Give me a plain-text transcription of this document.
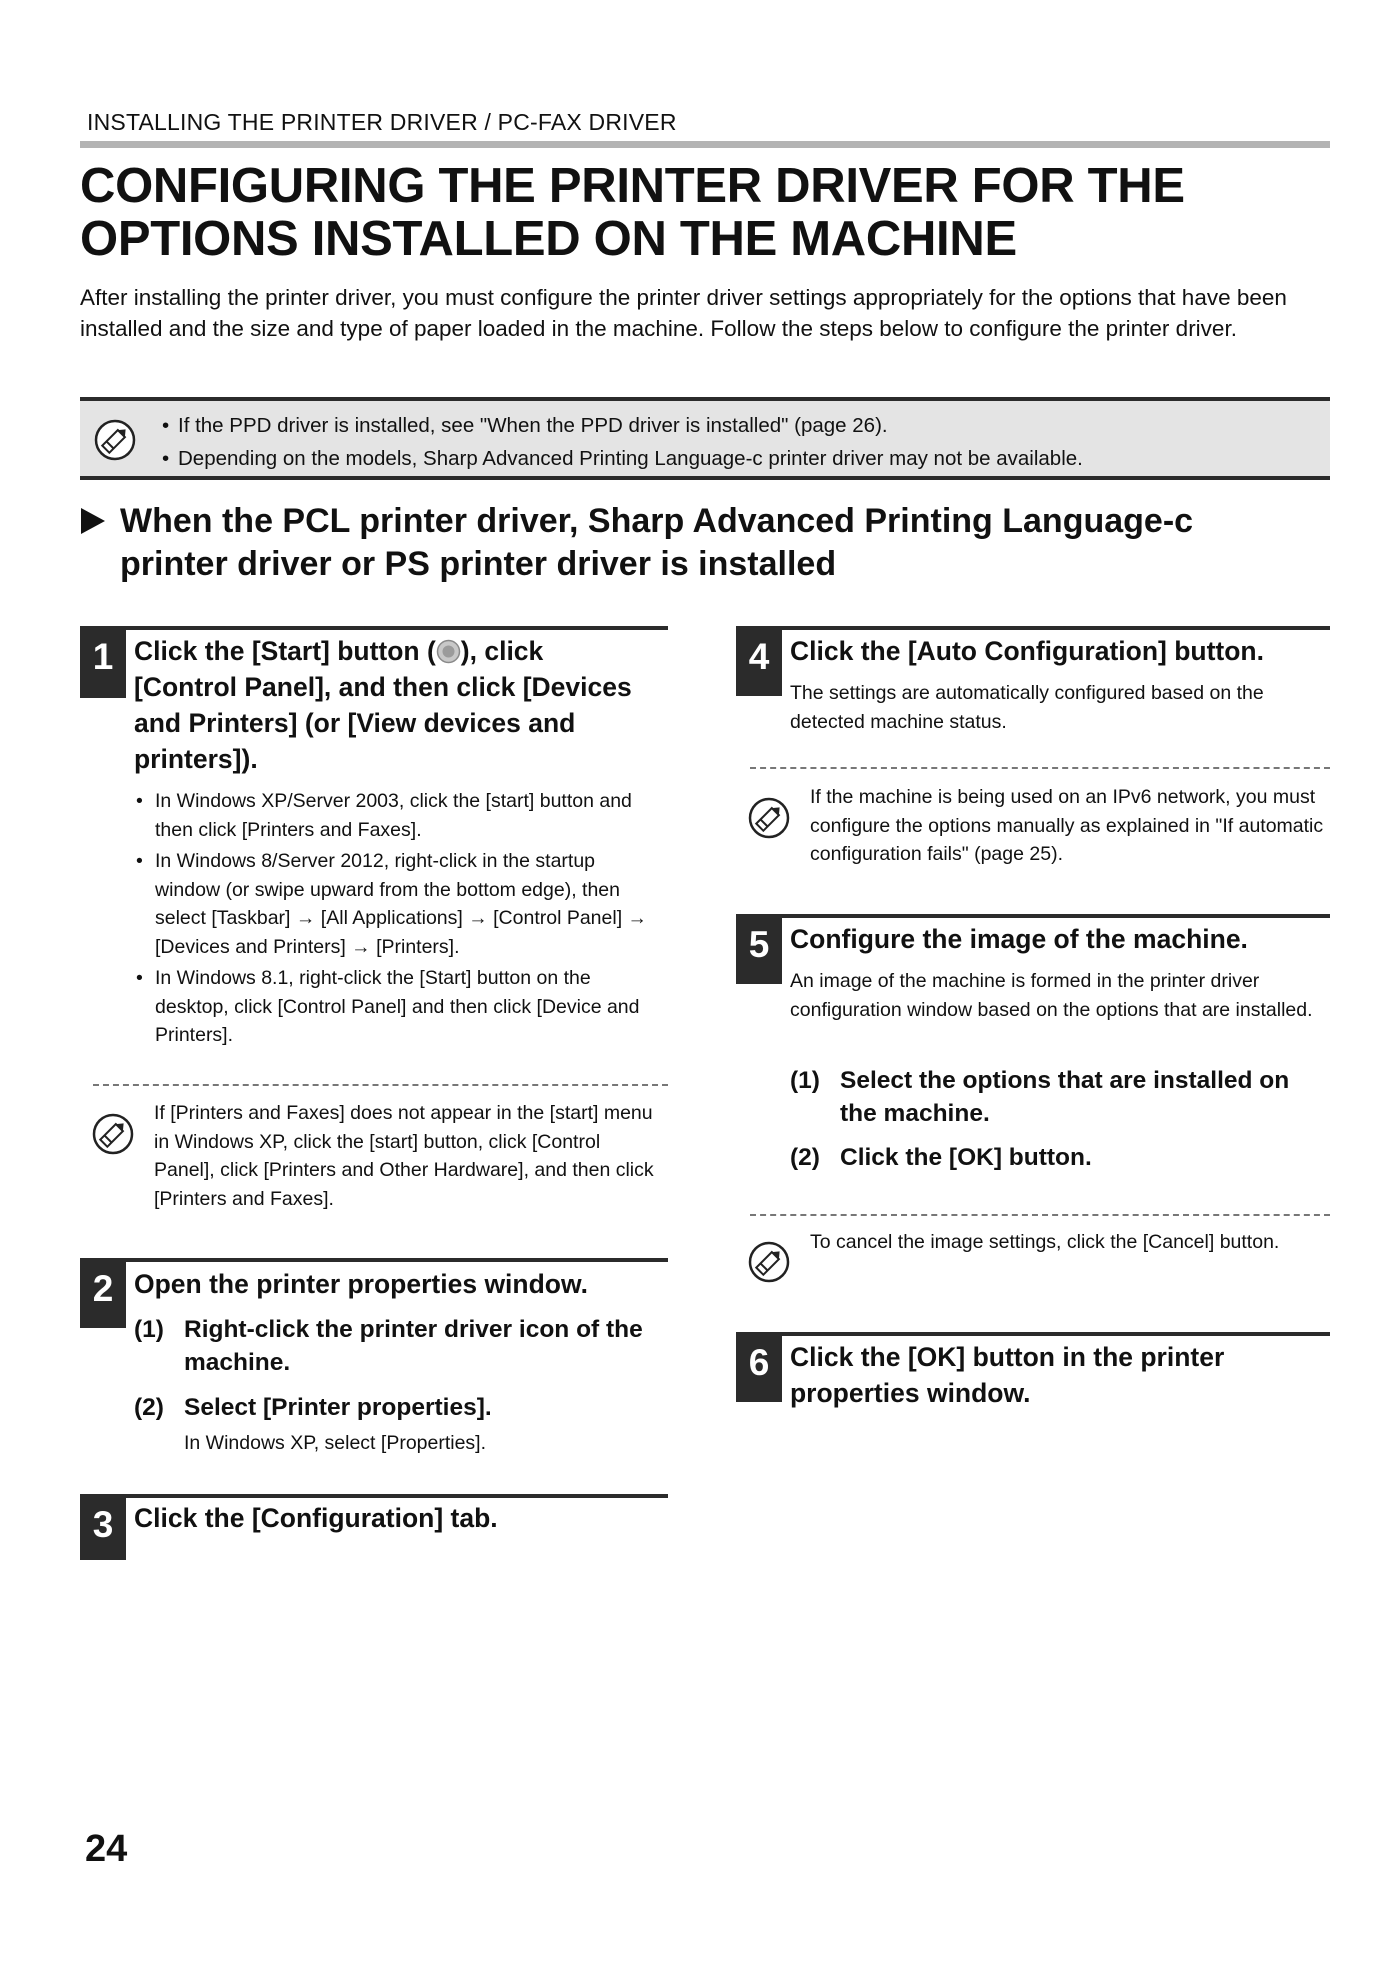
INSTALLING THE PRINTER DRIVER / PC-FAX DRIVER
CONFIGURING THE PRINTER DRIVER FOR THE
OPTIONS INSTALLED ON THE MACHINE
After installing the printer driver, you must configure the printer driver settings appropriately for the options that have been installed and the size and type of paper loaded in the machine. Follow the steps below to configure the printer driver.
• If the PPD driver is installed, see "When the PPD driver is installed" (page 26).
• Depending on the models, Sharp Advanced Printing Language-c printer driver may not be available.
When the PCL printer driver, Sharp Advanced Printing Language-c
printer driver or PS printer driver is installed
1 Click the [Start] button ( ), click
[Control Panel], and then click [Devices
and Printers] (or [View devices and
printers]).
• In Windows XP/Server 2003, click the [start] button and then click [Printers and Faxes].
• In Windows 8/Server 2012, right-click in the startup window (or swipe upward from the bottom edge), then select [Taskbar] → [All Applications] → [Control Panel] → [Devices and Printers] → [Printers].
• In Windows 8.1, right-click the [Start] button on the desktop, click [Control Panel] and then click [Device and Printers].
If [Printers and Faxes] does not appear in the [start] menu in Windows XP, click the [start] button, click [Control Panel], click [Printers and Other Hardware], and then click [Printers and Faxes].
2 Open the printer properties window.
(1) Right-click the printer driver icon of the
machine.
(2) Select [Printer properties].
In Windows XP, select [Properties].
3 Click the [Configuration] tab.
4 Click the [Auto Configuration] button.
The settings are automatically configured based on the detected machine status.
If the machine is being used on an IPv6 network, you must configure the options manually as explained in "If automatic configuration fails" (page 25).
5 Configure the image of the machine.
An image of the machine is formed in the printer driver configuration window based on the options that are installed.
(1) Select the options that are installed on
the machine.
(2) Click the [OK] button.
To cancel the image settings, click the [Cancel] button.
6 Click the [OK] button in the printer
properties window.
24
